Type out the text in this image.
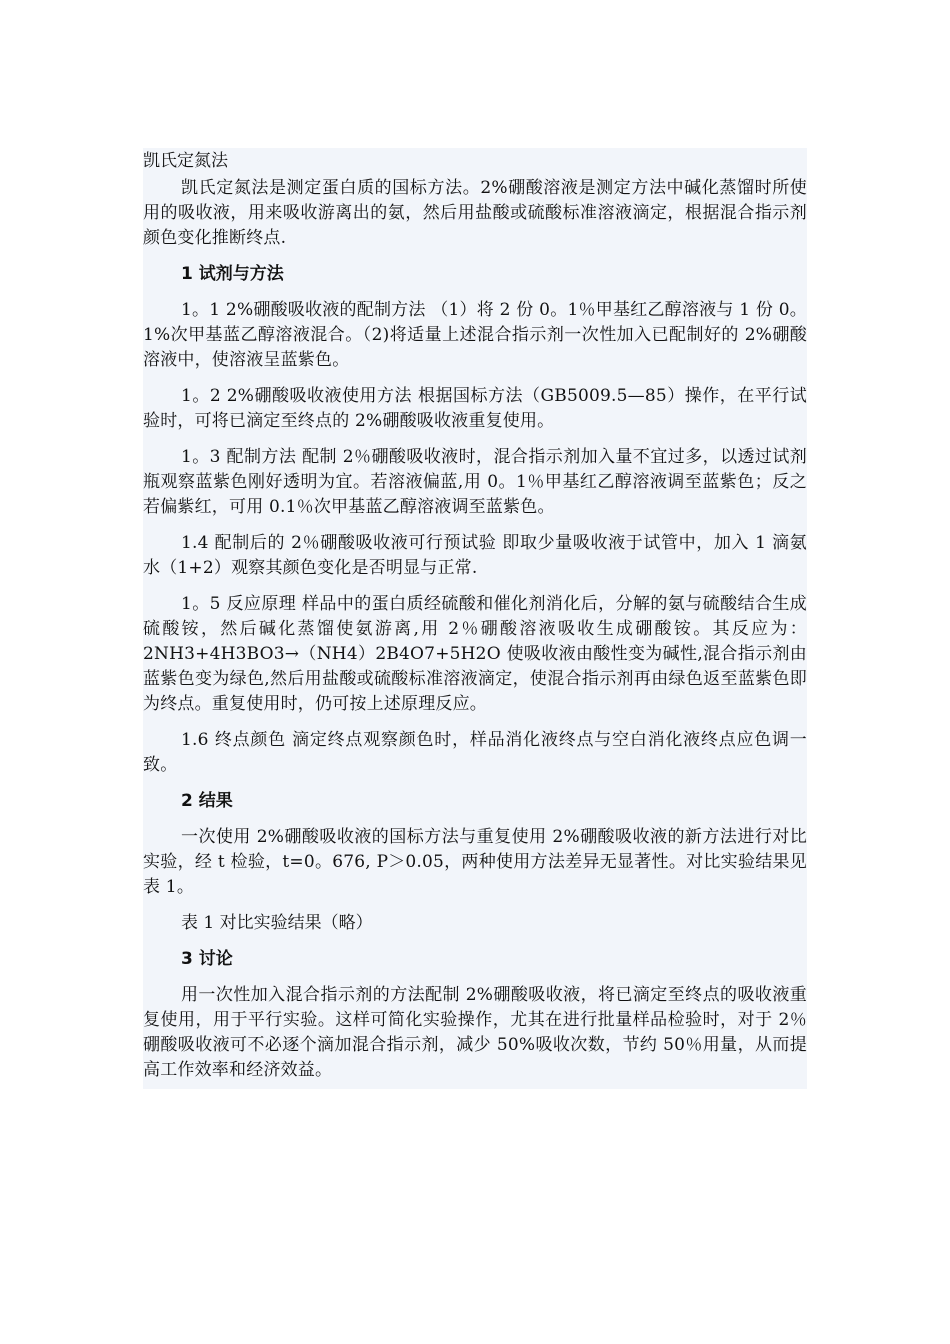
凯氏定氮法

凯氏定氮法是测定蛋白质的国标方法。2%硼酸溶液是测定方法中碱化蒸馏时所使用的吸收液，用来吸收游离出的氨，然后用盐酸或硫酸标准溶液滴定，根据混合指示剂颜色变化推断终点.

1 试剂与方法

1。1 2%硼酸吸收液的配制方法 （1）将 2 份 0。1％甲基红乙醇溶液与 1 份 0。1%次甲基蓝乙醇溶液混合。（2)将适量上述混合指示剂一次性加入已配制好的 2%硼酸溶液中，使溶液呈蓝紫色。

1。2 2%硼酸吸收液使用方法 根据国标方法（GB5009.5—85）操作，在平行试验时，可将已滴定至终点的 2%硼酸吸收液重复使用。

1。3 配制方法 配制 2％硼酸吸收液时，混合指示剂加入量不宜过多，以透过试剂瓶观察蓝紫色刚好透明为宜。若溶液偏蓝,用 0。1％甲基红乙醇溶液调至蓝紫色；反之若偏紫红，可用 0.1％次甲基蓝乙醇溶液调至蓝紫色。

1.4 配制后的 2％硼酸吸收液可行预试验 即取少量吸收液于试管中，加入 1 滴氨水（1+2）观察其颜色变化是否明显与正常.

1。5 反应原理 样品中的蛋白质经硫酸和催化剂消化后，分解的氨与硫酸结合生成硫酸铵，然后碱化蒸馏使氨游离,用 2％硼酸溶液吸收生成硼酸铵。其反应为：2NH3+4H3BO3→（NH4）2B4O7+5H2O 使吸收液由酸性变为碱性,混合指示剂由蓝紫色变为绿色,然后用盐酸或硫酸标准溶液滴定，使混合指示剂再由绿色返至蓝紫色即为终点。重复使用时，仍可按上述原理反应。

1.6 终点颜色 滴定终点观察颜色时，样品消化液终点与空白消化液终点应色调一致。

2 结果

一次使用 2%硼酸吸收液的国标方法与重复使用 2%硼酸吸收液的新方法进行对比实验，经 t 检验，t=0。676, P＞0.05，两种使用方法差异无显著性。对比实验结果见表 1。

表 1 对比实验结果（略）

3 讨论

用一次性加入混合指示剂的方法配制 2%硼酸吸收液，将已滴定至终点的吸收液重复使用，用于平行实验。这样可简化实验操作，尤其在进行批量样品检验时，对于 2％硼酸吸收液可不必逐个滴加混合指示剂，减少 50%吸收次数，节约 50％用量，从而提高工作效率和经济效益。
